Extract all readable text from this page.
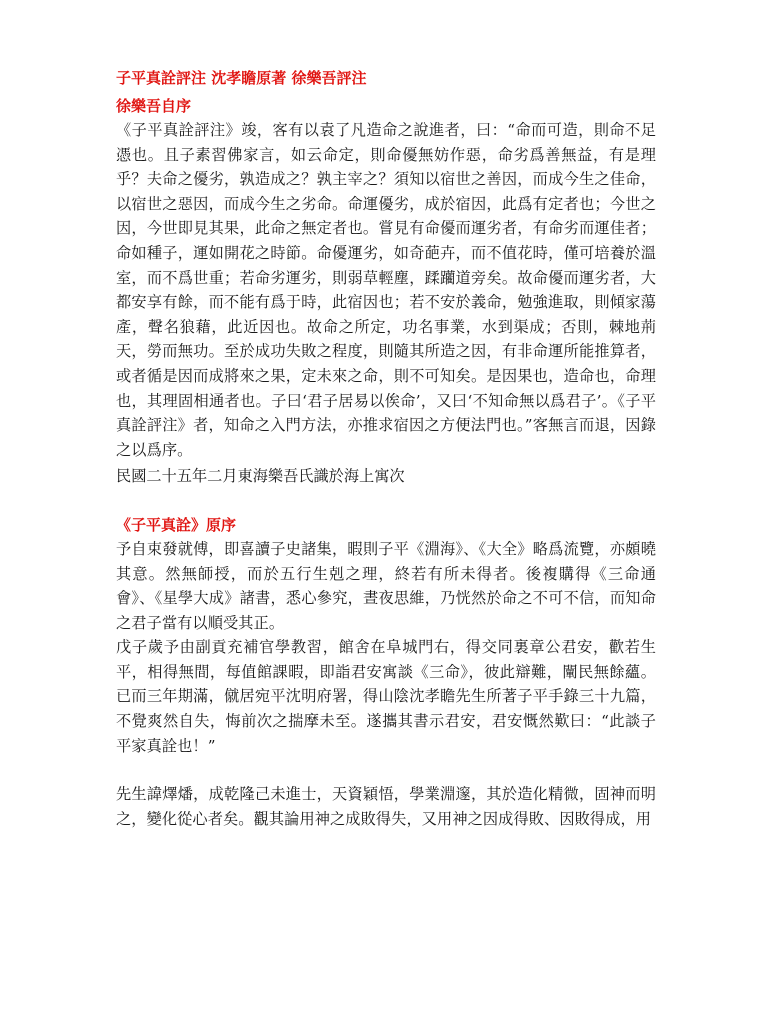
子平真詮評注 沈孝瞻原著 徐樂吾評注

徐樂吾自序

《子平真詮評注》竣，客有以袁了凡造命之說進者，曰：“命而可造，則命不足憑也。且子素習佛家言，如云命定，則命優無妨作惡，命劣爲善無益，有是理乎？夫命之優劣，孰造成之？孰主宰之？須知以宿世之善因，而成今生之佳命，以宿世之惡因，而成今生之劣命。命運優劣，成於宿因，此爲有定者也；今世之因，今世即見其果，此命之無定者也。嘗見有命優而運劣者，有命劣而運佳者；命如種子，運如開花之時節。命優運劣，如奇葩卉，而不值花時，僅可培養於溫室，而不爲世重；若命劣運劣，則弱草輕塵，蹂躪道旁矣。故命優而運劣者，大都安享有餘，而不能有爲于時，此宿因也；若不安於義命，勉強進取，則傾家蕩產，聲名狼藉，此近因也。故命之所定，功名事業，水到渠成；否則，棘地荊天，勞而無功。至於成功失敗之程度，則隨其所造之因，有非命運所能推算者，或者循是因而成將來之果，定未來之命，則不可知矣。是因果也，造命也，命理也，其理固相通者也。子曰‘君子居易以俟命’，又曰‘不知命無以爲君子’。《子平真詮評注》者，知命之入門方法，亦推求宿因之方便法門也。”客無言而退，因錄之以爲序。

民國二十五年二月東海樂吾氏識於海上寓次

《子平真詮》原序

予自束發就傅，即喜讀子史諸集，暇則子平《淵海》、《大全》略爲流覽，亦頗曉其意。然無師授，而於五行生剋之理，終若有所未得者。後複購得《三命通會》、《星學大成》諸書，悉心參究，晝夜思維，乃恍然於命之不可不信，而知命之君子當有以順受其正。

戊子歲予由副貢充補官學教習，館舍在阜城門右，得交同裏章公君安，歡若生平，相得無間，每值館課暇，即詣君安寓談《三命》，彼此辯難，闡民無餘蘊。已而三年期滿，僦居宛平沈明府署，得山陰沈孝瞻先生所著子平手錄三十九篇，不覺爽然自失，悔前次之揣摩未至。遂攜其書示君安，君安慨然歎曰：“此談子平家真詮也！”

先生諱燡燔，成乾隆己未進士，天資穎悟，學業淵邃，其於造化精微，固神而明之，變化從心者矣。觀其論用神之成敗得失，又用神之因成得敗、因敗得成，用
